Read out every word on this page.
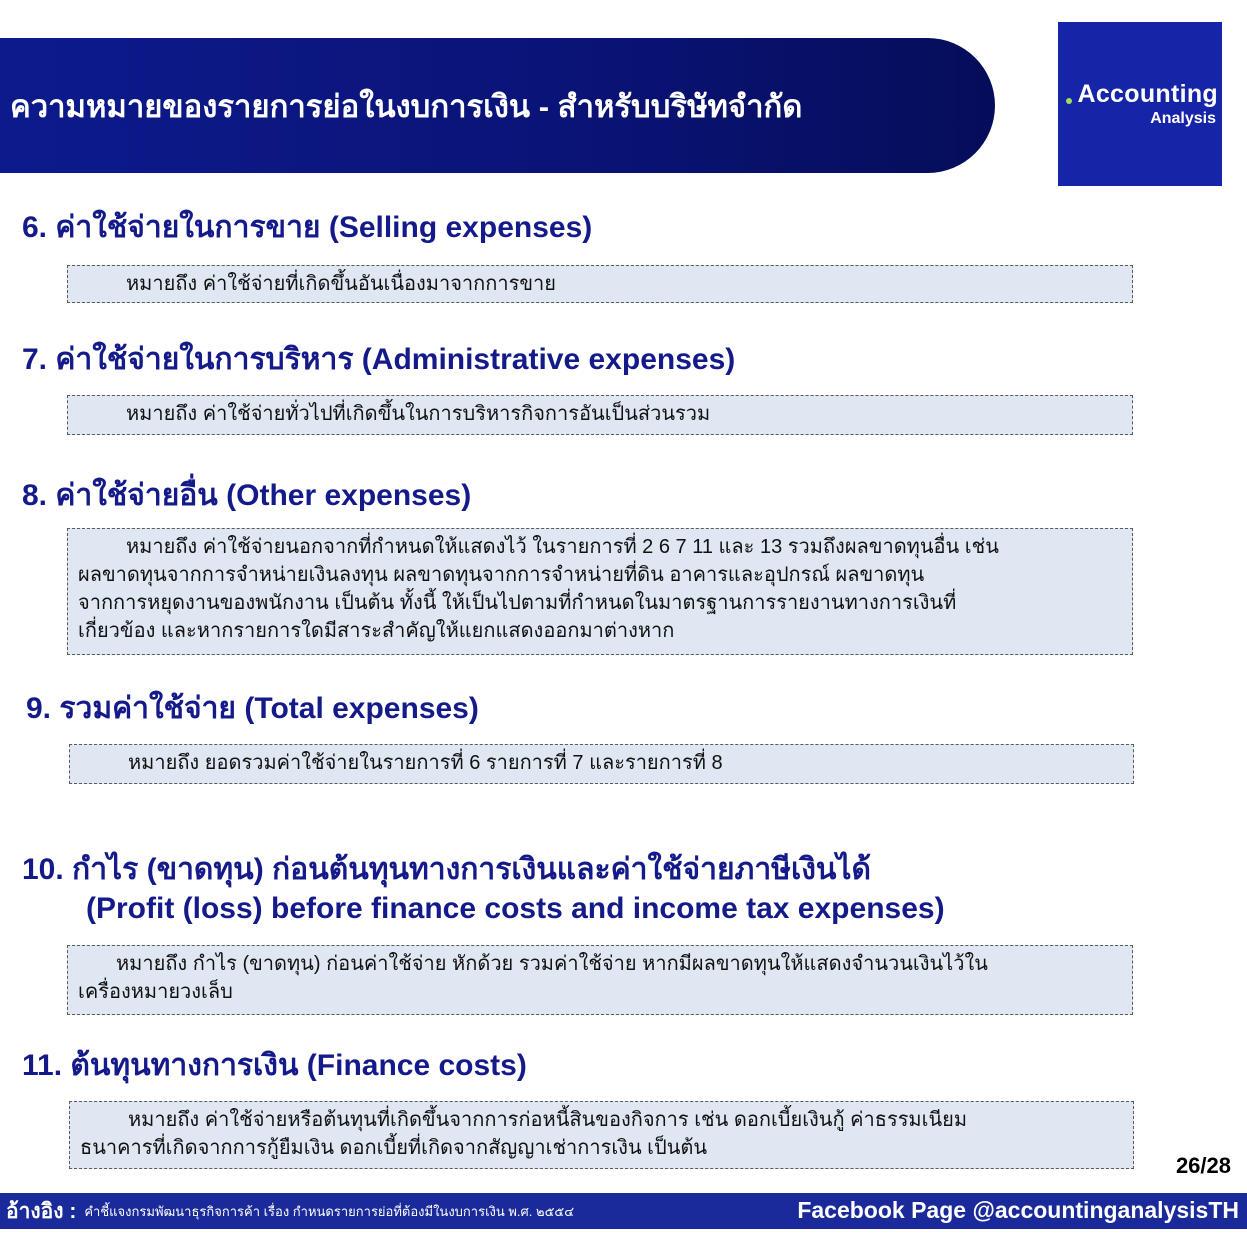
ความหมายของรายการย่อในงบการเงิน - สำหรับบริษัทจำกัด	Accounting
Analysis
6. ค่าใช้จ่ายในการขาย (Selling expenses)

หมายถึง ค่าใช้จ่ายที่เกิดขึ้นอันเนื่องมาจากการขาย

7. ค่าใช้จ่ายในการบริหาร (Administrative expenses)

หมายถึง ค่าใช้จ่ายทั่วไปที่เกิดขึ้นในการบริหารกิจการอันเป็นส่วนรวม

8. ค่าใช้จ่ายอื่น (Other expenses)

หมายถึง ค่าใช้จ่ายนอกจากที่กำหนดให้แสดงไว้ ในรายการที่ 2 6 7 11 และ 13 รวมถึงผลขาดทุนอื่น เช่น

ผลขาดทุนจากการจำหน่ายเงินลงทุน ผลขาดทุนจากการจำหน่ายที่ดิน อาคารและอุปกรณ์ ผลขาดทุน

จากการหยุดงานของพนักงาน เป็นต้น ทั้งนี้ ให้เป็นไปตามที่กำหนดในมาตรฐานการรายงานทางการเงินที่

เกี่ยวข้อง และหากรายการใดมีสาระสำคัญให้แยกแสดงออกมาต่างหาก

9. รวมค่าใช้จ่าย (Total expenses)

หมายถึง ยอดรวมค่าใช้จ่ายในรายการที่ 6 รายการที่ 7 และรายการที่ 8

10. กำไร (ขาดทุน) ก่อนต้นทุนทางการเงินและค่าใช้จ่ายภาษีเงินได้
(Profit (loss) before finance costs and income tax expenses)

หมายถึง กำไร (ขาดทุน) ก่อนค่าใช้จ่าย หักด้วย รวมค่าใช้จ่าย หากมีผลขาดทุนให้แสดงจำนวนเงินไว้ใน

เครื่องหมายวงเล็บ

11. ต้นทุนทางการเงิน (Finance costs)

หมายถึง ค่าใช้จ่ายหรือต้นทุนที่เกิดขึ้นจากการก่อหนี้สินของกิจการ เช่น ดอกเบี้ยเงินกู้ ค่าธรรมเนียม

ธนาคารที่เกิดจากการกู้ยืมเงิน ดอกเบี้ยที่เกิดจากสัญญาเช่าการเงิน เป็นต้น

26/28
อ้างอิง : คำชี้แจงกรมพัฒนาธุรกิจการค้า เรื่อง กำหนดรายการย่อที่ต้องมีในงบการเงิน พ.ศ. ๒๕๕๔	Facebook Page @accountinganalysisTH
